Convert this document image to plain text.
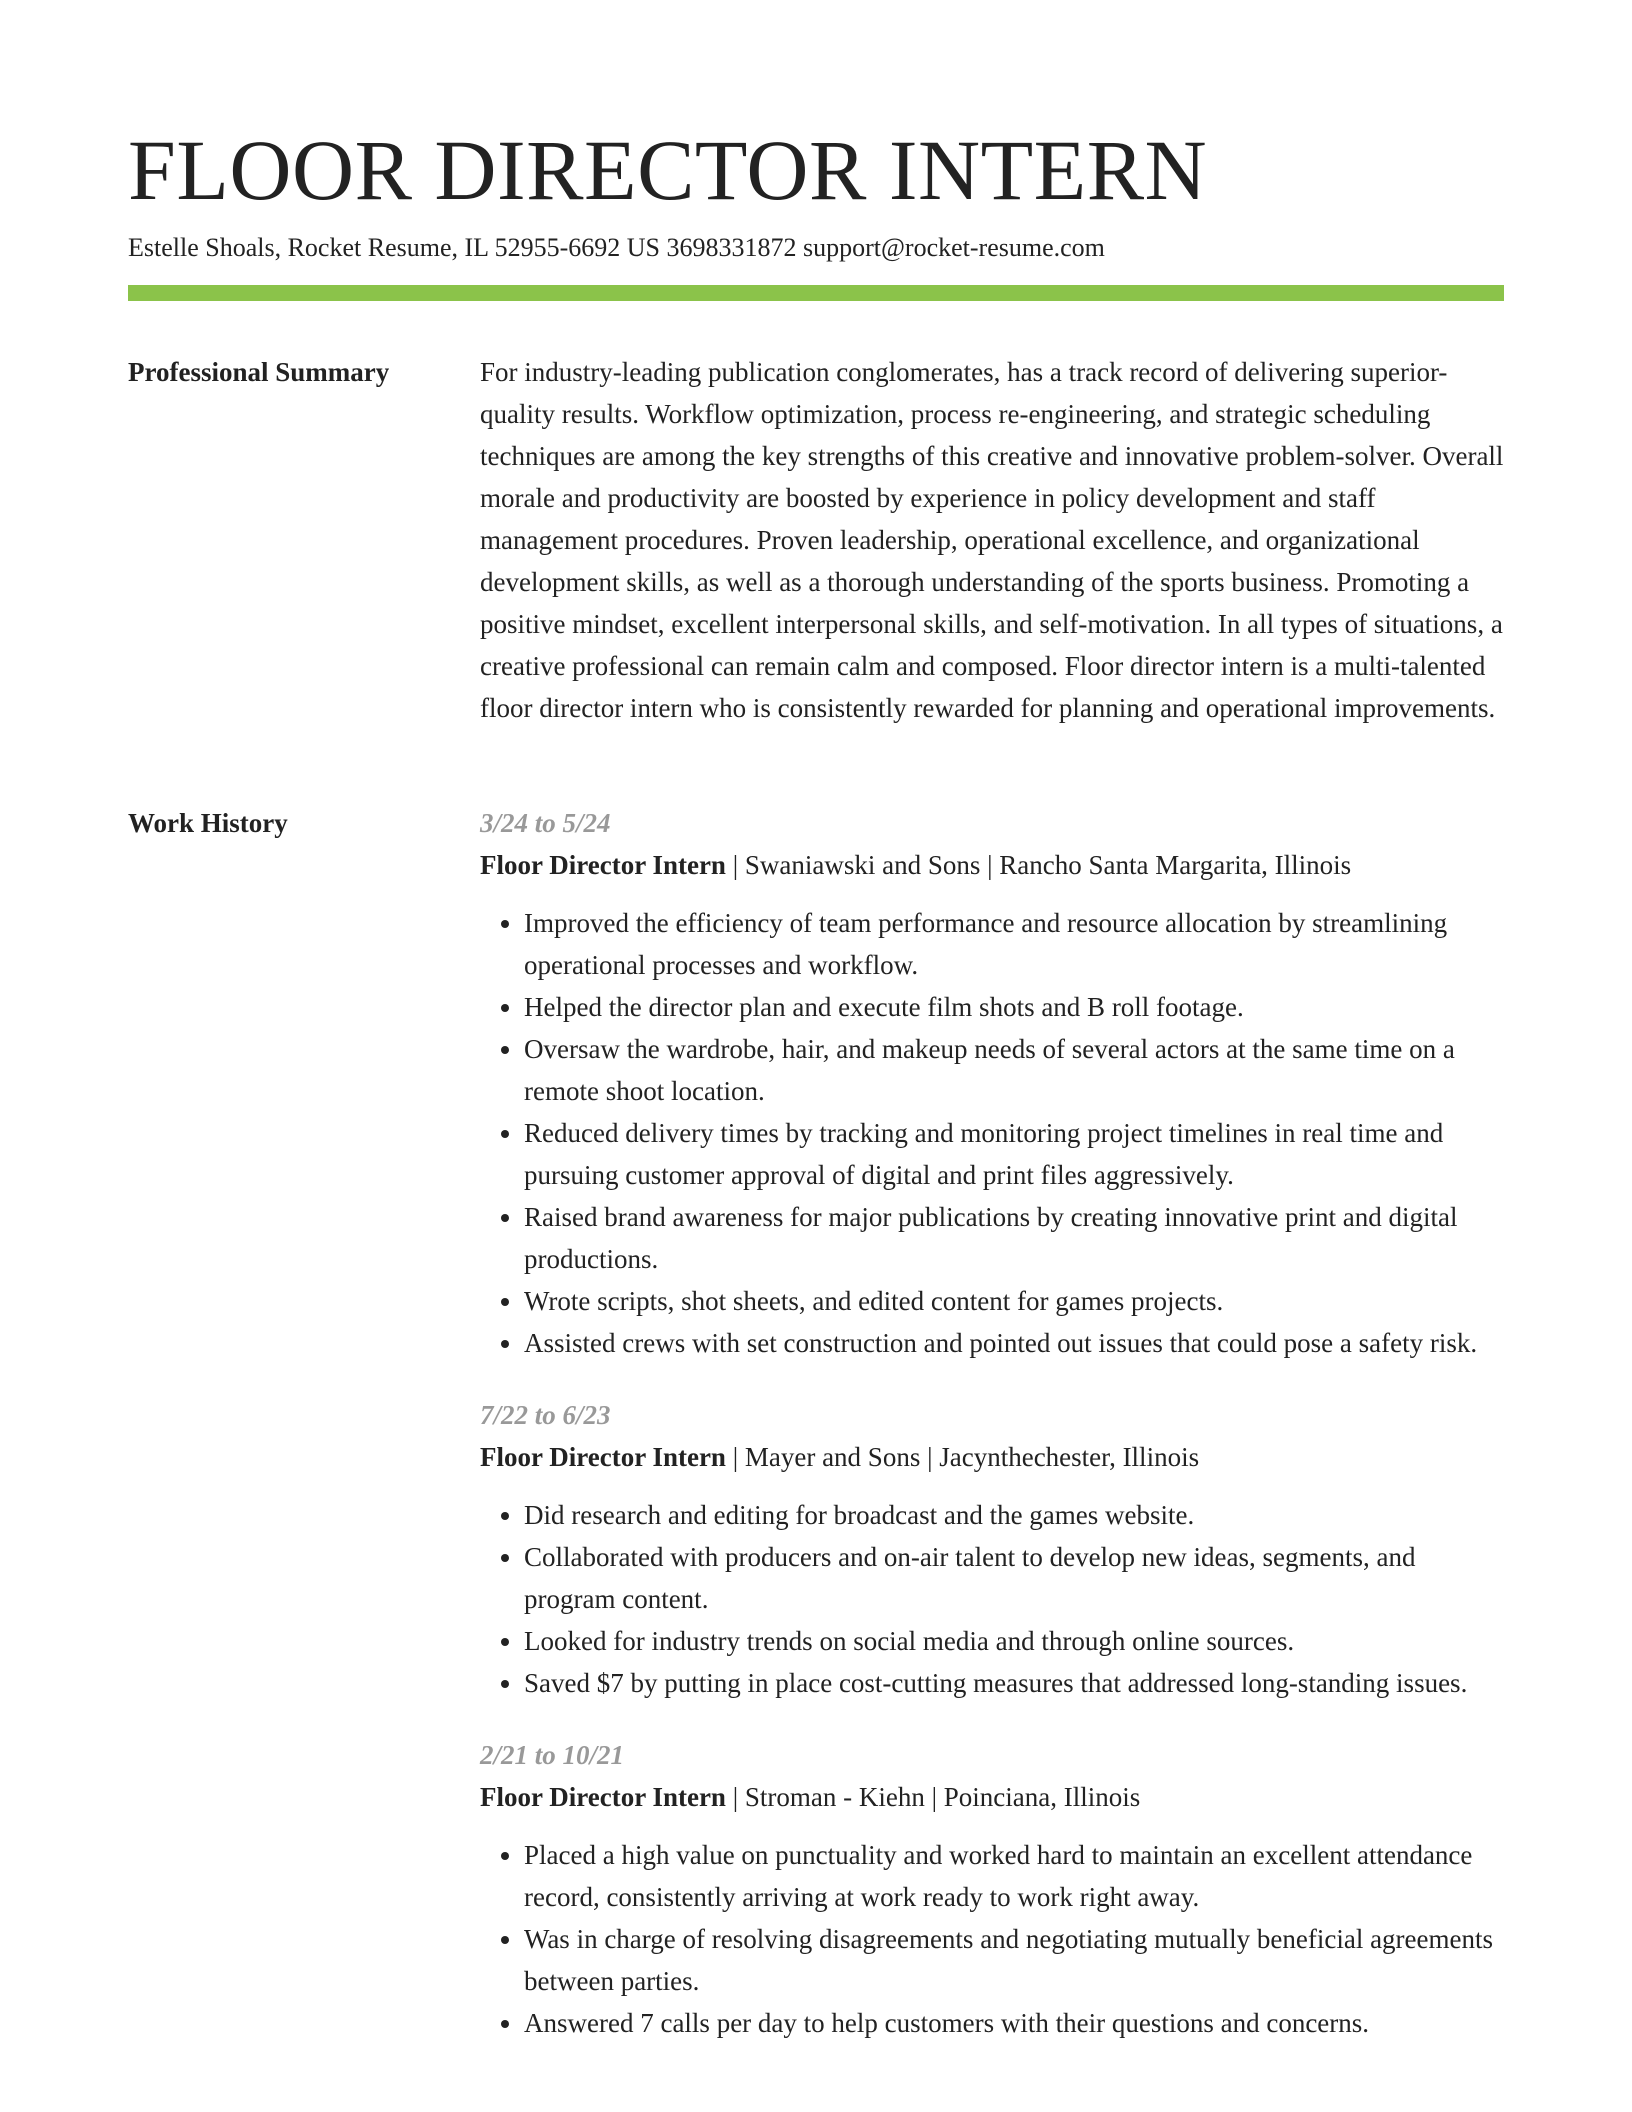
FLOOR DIRECTOR INTERN
Estelle Shoals, Rocket Resume, IL 52955-6692 US 3698331872 support@rocket-resume.com
Professional Summary	For industry-leading publication conglomerates, has a track record of delivering superior-quality results. Workflow optimization, process re-engineering, and strategic scheduling techniques are among the key strengths of this creative and innovative problem-solver. Overall morale and productivity are boosted by experience in policy development and staff management procedures. Proven leadership, operational excellence, and organizational development skills, as well as a thorough understanding of the sports business. Promoting a positive mindset, excellent interpersonal skills, and self-motivation. In all types of situations, a creative professional can remain calm and composed. Floor director intern is a multi-talented floor director intern who is consistently rewarded for planning and operational improvements.

Work History	3/24 to 5/24
Floor Director Intern | Swaniawski and Sons | Rancho Santa Margarita, Illinois
• Improved the efficiency of team performance and resource allocation by streamlining operational processes and workflow.
• Helped the director plan and execute film shots and B roll footage.
• Oversaw the wardrobe, hair, and makeup needs of several actors at the same time on a remote shoot location.
• Reduced delivery times by tracking and monitoring project timelines in real time and pursuing customer approval of digital and print files aggressively.
• Raised brand awareness for major publications by creating innovative print and digital productions.
• Wrote scripts, shot sheets, and edited content for games projects.
• Assisted crews with set construction and pointed out issues that could pose a safety risk.
7/22 to 6/23
Floor Director Intern | Mayer and Sons | Jacynthechester, Illinois
• Did research and editing for broadcast and the games website.
• Collaborated with producers and on-air talent to develop new ideas, segments, and program content.
• Looked for industry trends on social media and through online sources.
• Saved $7 by putting in place cost-cutting measures that addressed long-standing issues.
2/21 to 10/21
Floor Director Intern | Stroman - Kiehn | Poinciana, Illinois
• Placed a high value on punctuality and worked hard to maintain an excellent attendance record, consistently arriving at work ready to work right away.
• Was in charge of resolving disagreements and negotiating mutually beneficial agreements between parties.
• Answered 7 calls per day to help customers with their questions and concerns.
